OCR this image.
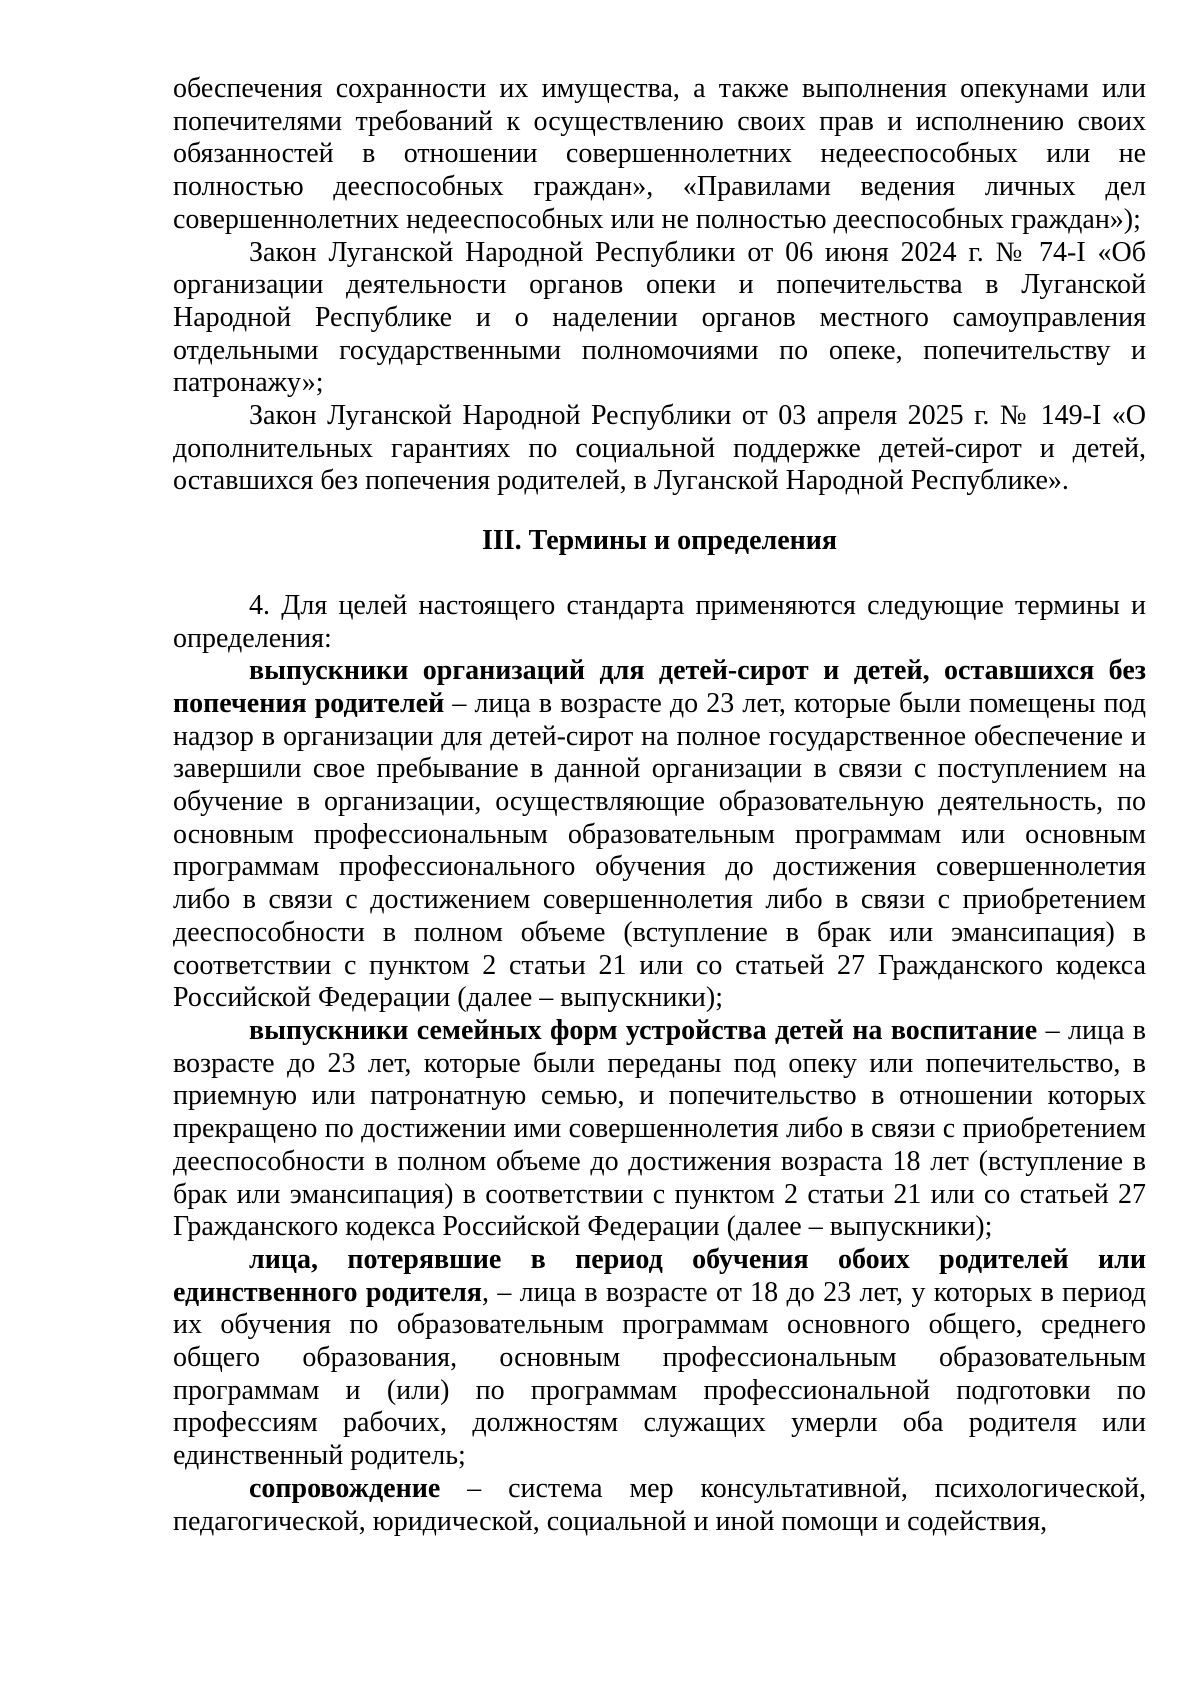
обеспечения сохранности их имущества, а также выполнения опекунами или попечителями требований к осуществлению своих прав и исполнению своих обязанностей в отношении совершеннолетних недееспособных или не полностью дееспособных граждан», «Правилами ведения личных дел совершеннолетних недееспособных или не полностью дееспособных граждан»);

Закон Луганской Народной Республики от 06 июня 2024 г. № 74-I «Об организации деятельности органов опеки и попечительства в Луганской Народной Республике и о наделении органов местного самоуправления отдельными государственными полномочиями по опеке, попечительству и патронажу»;

Закон Луганской Народной Республики от 03 апреля 2025 г. № 149-I «О дополнительных гарантиях по социальной поддержке детей-сирот и детей, оставшихся без попечения родителей, в Луганской Народной Республике».

III. Термины и определения

4. Для целей настоящего стандарта применяются следующие термины и определения:

выпускники организаций для детей-сирот и детей, оставшихся без попечения родителей – лица в возрасте до 23 лет, которые были помещены под надзор в организации для детей-сирот на полное государственное обеспечение и завершили свое пребывание в данной организации в связи с поступлением на обучение в организации, осуществляющие образовательную деятельность, по основным профессиональным образовательным программам или основным программам профессионального обучения до достижения совершеннолетия либо в связи с достижением совершеннолетия либо в связи с приобретением дееспособности в полном объеме (вступление в брак или эмансипация) в соответствии с пунктом 2 статьи 21 или со статьей 27 Гражданского кодекса Российской Федерации (далее – выпускники);

выпускники семейных форм устройства детей на воспитание – лица в возрасте до 23 лет, которые были переданы под опеку или попечительство, в приемную или патронатную семью, и попечительство в отношении которых прекращено по достижении ими совершеннолетия либо в связи с приобретением дееспособности в полном объеме до достижения возраста 18 лет (вступление в брак или эмансипация) в соответствии с пунктом 2 статьи 21 или со статьей 27 Гражданского кодекса Российской Федерации (далее – выпускники);

лица, потерявшие в период обучения обоих родителей или единственного родителя, – лица в возрасте от 18 до 23 лет, у которых в период их обучения по образовательным программам основного общего, среднего общего образования, основным профессиональным образовательным программам и (или) по программам профессиональной подготовки по профессиям рабочих, должностям служащих умерли оба родителя или единственный родитель;

сопровождение – система мер консультативной, психологической, педагогической, юридической, социальной и иной помощи и содействия,
